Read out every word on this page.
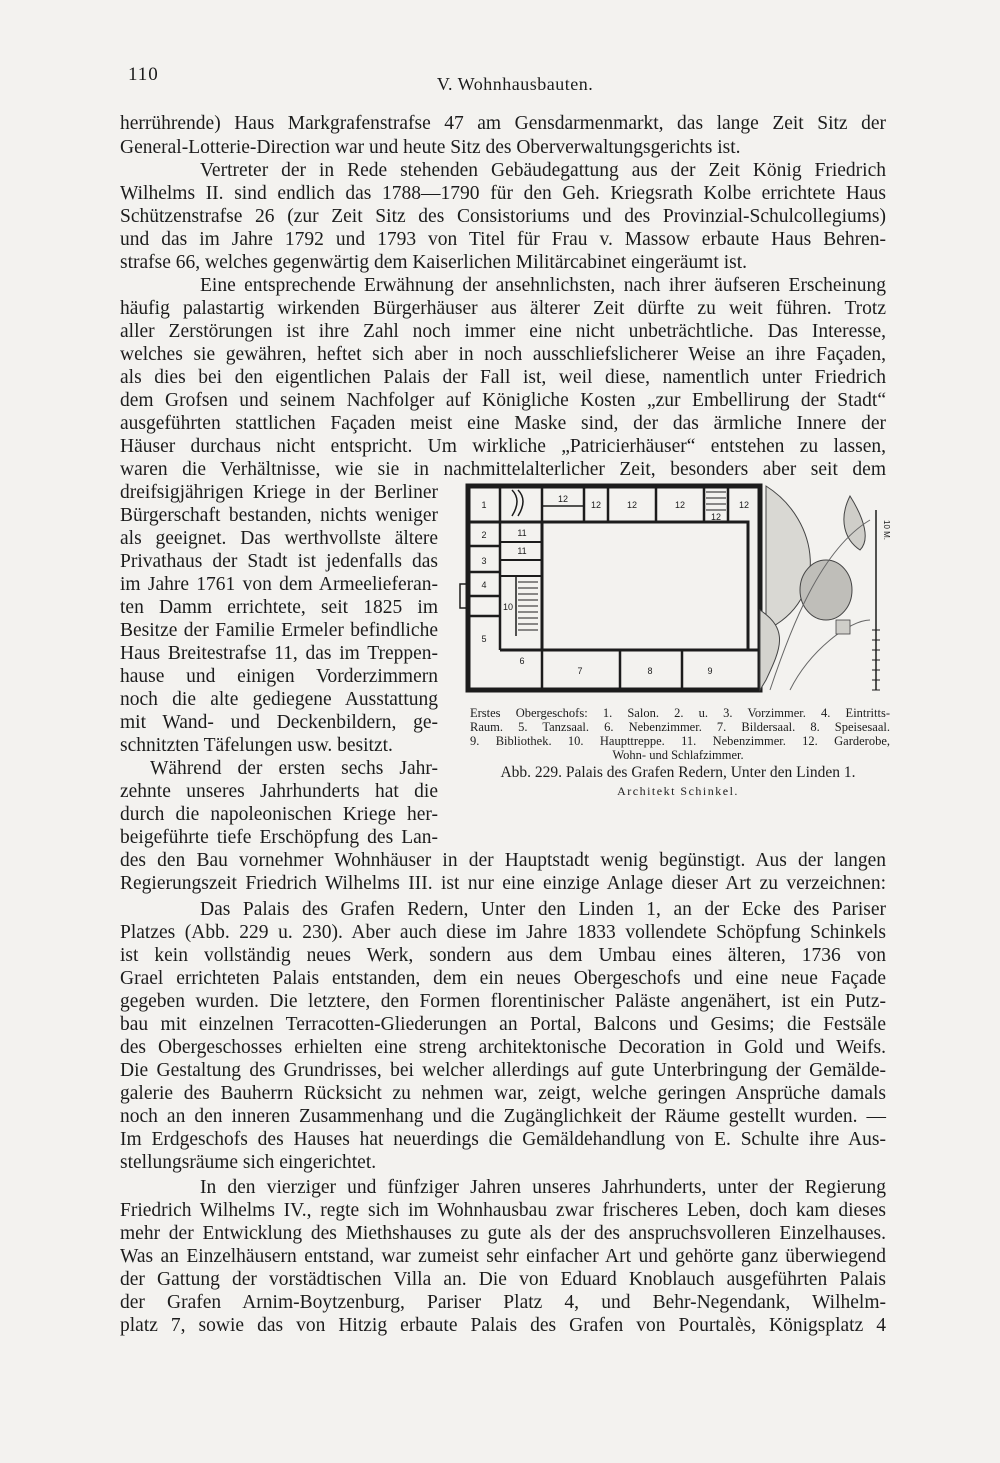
110	V. Wohnhausbauten.
herrührende) Haus Markgrafenstrafse 47 am Gensdarmenmarkt, das lange Zeit Sitz der
General-Lotterie-Direction war und heute Sitz des Oberverwaltungsgerichts ist.
Vertreter der in Rede stehenden Gebäudegattung aus der Zeit König Friedrich
Wilhelms II. sind endlich das 1788—1790 für den Geh. Kriegsrath Kolbe errichtete Haus
Schützenstrafse 26 (zur Zeit Sitz des Consistoriums und des Provinzial-Schulcollegiums)
und das im Jahre 1792 und 1793 von Titel für Frau v. Massow erbaute Haus Behren-
strafse 66, welches gegenwärtig dem Kaiserlichen Militärcabinet eingeräumt ist.
Eine entsprechende Erwähnung der ansehnlichsten, nach ihrer äufseren Erscheinung
häufig palastartig wirkenden Bürgerhäuser aus älterer Zeit dürfte zu weit führen. Trotz
aller Zerstörungen ist ihre Zahl noch immer eine nicht unbeträchtliche. Das Interesse,
welches sie gewähren, heftet sich aber in noch ausschliefslicherer Weise an ihre Façaden,
als dies bei den eigentlichen Palais der Fall ist, weil diese, namentlich unter Friedrich
dem Grofsen und seinem Nachfolger auf Königliche Kosten „zur Embellirung der Stadt“
ausgeführten stattlichen Façaden meist eine Maske sind, der das ärmliche Innere der
Häuser durchaus nicht entspricht. Um wirkliche „Patricierhäuser“ entstehen zu lassen,
waren die Verhältnisse, wie sie in nachmittelalterlicher Zeit, besonders aber seit dem
dreifsigjährigen Kriege in der Berliner
Bürgerschaft bestanden, nichts weniger
als geeignet. Das werthvollste ältere
Privathaus der Stadt ist jedenfalls das
im Jahre 1761 von dem Armeelieferan-
ten Damm errichtete, seit 1825 im
Besitze der Familie Ermeler befindliche
Haus Breitestrafse 11, das im Treppen-
hause und einigen Vorderzimmern
noch die alte gediegene Ausstattung
mit Wand- und Deckenbildern, ge-
schnitzten Täfelungen usw. besitzt.
Während der ersten sechs Jahr-
zehnte unseres Jahrhunderts hat die
durch die napoleonischen Kriege her-
beigeführte tiefe Erschöpfung des Lan-
des den Bau vornehmer Wohnhäuser in der Hauptstadt wenig begünstigt. Aus der langen
Regierungszeit Friedrich Wilhelms III. ist nur eine einzige Anlage dieser Art zu verzeichnen:
Das Palais des Grafen Redern, Unter den Linden 1, an der Ecke des Pariser
Platzes (Abb. 229 u. 230). Aber auch diese im Jahre 1833 vollendete Schöpfung Schinkels
ist kein vollständig neues Werk, sondern aus dem Umbau eines älteren, 1736 von
Grael errichteten Palais entstanden, dem ein neues Obergeschofs und eine neue Façade
gegeben wurden. Die letztere, den Formen florentinischer Paläste angenähert, ist ein Putz-
bau mit einzelnen Terracotten-Gliederungen an Portal, Balcons und Gesims; die Festsäle
des Obergeschosses erhielten eine streng architektonische Decoration in Gold und Weifs.
Die Gestaltung des Grundrisses, bei welcher allerdings auf gute Unterbringung der Gemälde-
galerie des Bauherrn Rücksicht zu nehmen war, zeigt, welche geringen Ansprüche damals
noch an den inneren Zusammenhang und die Zugänglichkeit der Räume gestellt wurden. —
Im Erdgeschofs des Hauses hat neuerdings die Gemäldehandlung von E. Schulte ihre Aus-
stellungsräume sich eingerichtet.
In den vierziger und fünfziger Jahren unseres Jahrhunderts, unter der Regierung
Friedrich Wilhelms IV., regte sich im Wohnhausbau zwar frischeres Leben, doch kam dieses
mehr der Entwicklung des Miethshauses zu gute als der des anspruchsvolleren Einzelhauses.
Was an Einzelhäusern entstand, war zumeist sehr einfacher Art und gehörte ganz überwiegend
der Gattung der vorstädtischen Villa an. Die von Eduard Knoblauch ausgeführten Palais
der Grafen Arnim-Boytzenburg, Pariser Platz 4, und Behr-Negendank, Wilhelm-
platz 7, sowie das von Hitzig erbaute Palais des Grafen von Pourtalès, Königsplatz 4
1
2
3
4
5
6
7	8	9
10
11
11
12
12	12	12
12
12
10 M.
Erstes Obergeschofs: 1. Salon. 2. u. 3. Vorzimmer. 4. Eintritts-
Raum. 5. Tanzsaal. 6. Nebenzimmer. 7. Bildersaal. 8. Speisesaal.
9. Bibliothek. 10. Haupttreppe. 11. Nebenzimmer. 12. Garderobe,
Wohn- und Schlafzimmer.
Abb. 229. Palais des Grafen Redern, Unter den Linden 1.
Architekt Schinkel.
